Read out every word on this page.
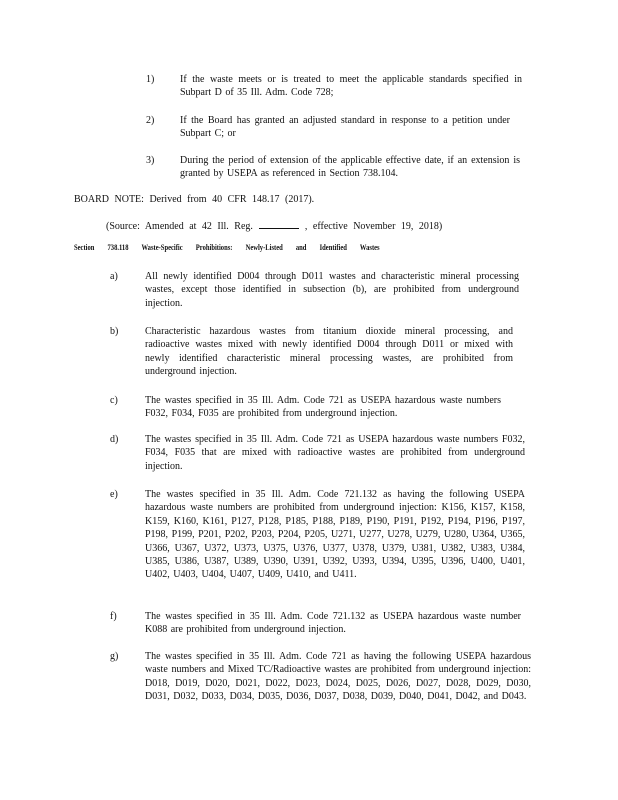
1)	If the waste meets or is treated to meet the applicable standards specified in Subpart D of 35 Ill. Adm. Code 728;
2)	If the Board has granted an adjusted standard in response to a petition under Subpart C; or
3)	During the period of extension of the applicable effective date, if an extension is granted by USEPA as referenced in Section 738.104.
BOARD NOTE: Derived from 40 CFR 148.17 (2017).
(Source: Amended at 42 Ill. Reg.	, effective November 19, 2018)
Section 738.118 Waste-Specific Prohibitions: Newly-Listed and Identified Wastes
a)	All newly identified D004 through D011 wastes and characteristic mineral processing wastes, except those identified in subsection (b), are prohibited from underground injection.
b)	Characteristic hazardous wastes from titanium dioxide mineral processing, and radioactive wastes mixed with newly identified D004 through D011 or mixed with newly identified characteristic mineral processing wastes, are prohibited from underground injection.
c)	The wastes specified in 35 Ill. Adm. Code 721 as USEPA hazardous waste numbers F032, F034, F035 are prohibited from underground injection.
d)	The wastes specified in 35 Ill. Adm. Code 721 as USEPA hazardous waste numbers F032, F034, F035 that are mixed with radioactive wastes are prohibited from underground injection.
e)	The wastes specified in 35 Ill. Adm. Code 721.132 as having the following USEPA hazardous waste numbers are prohibited from underground injection: K156, K157, K158, K159, K160, K161, P127, P128, P185, P188, P189, P190, P191, P192, P194, P196, P197, P198, P199, P201, P202, P203, P204, P205, U271, U277, U278, U279, U280, U364, U365, U366, U367, U372, U373, U375, U376, U377, U378, U379, U381, U382, U383, U384, U385, U386, U387, U389, U390, U391, U392, U393, U394, U395, U396, U400, U401, U402, U403, U404, U407, U409, U410, and U411.
f)	The wastes specified in 35 Ill. Adm. Code 721.132 as USEPA hazardous waste number K088 are prohibited from underground injection.
g)	The wastes specified in 35 Ill. Adm. Code 721 as having the following USEPA hazardous waste numbers and Mixed TC/Radioactive wastes are prohibited from underground injection: D018, D019, D020, D021, D022, D023, D024, D025, D026, D027, D028, D029, D030, D031, D032, D033, D034, D035, D036, D037, D038, D039, D040, D041, D042, and D043.
